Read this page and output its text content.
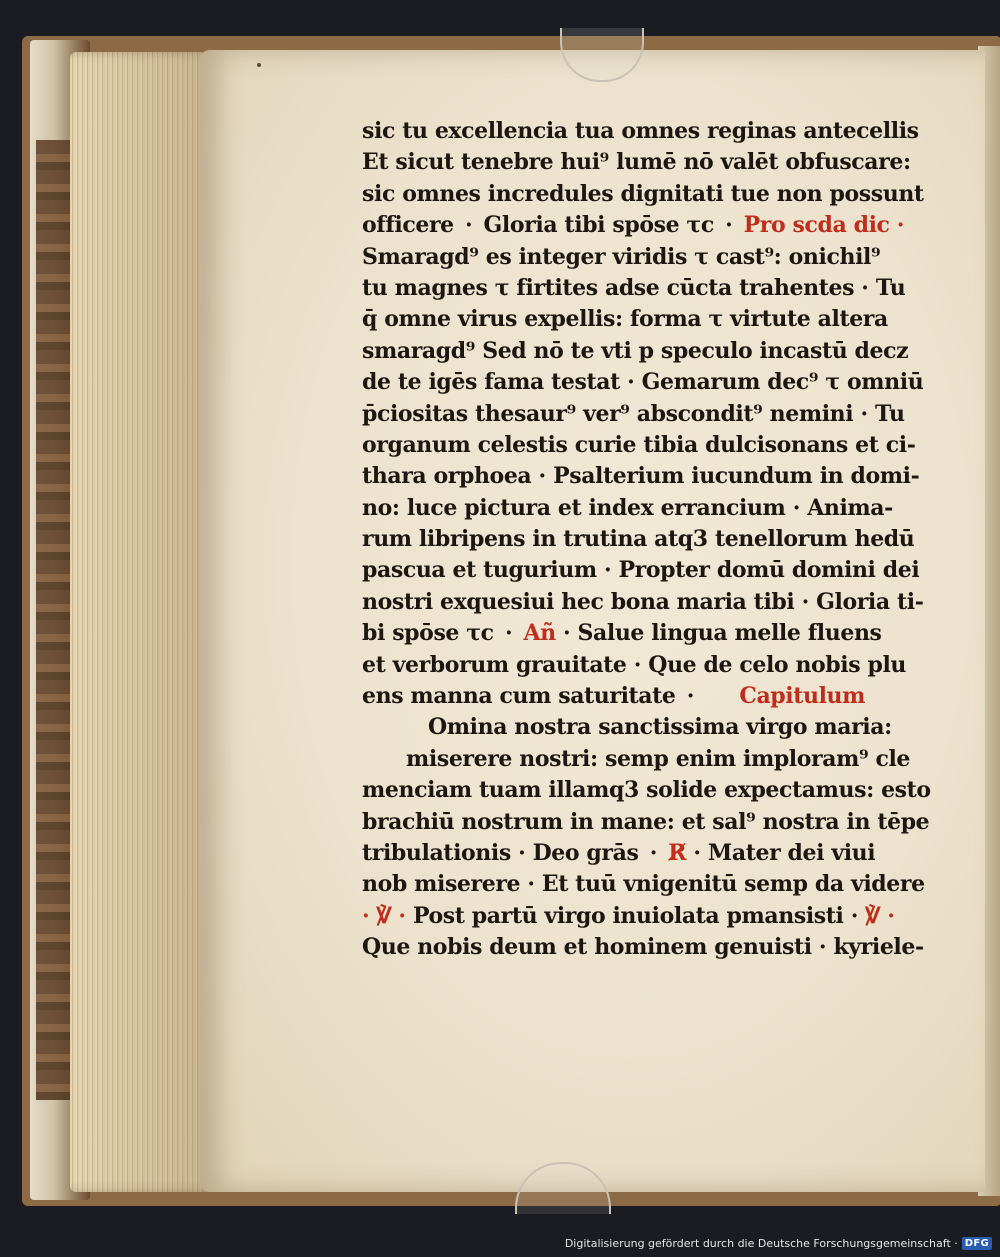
sic tu excellencia tua omnes reginas antecellis
Et sicut tenebre hui⁹ lumē nō valēt obfuscare:
sic omnes incredules dignitati tue non possunt
officere · Gloria tibi spōse τc · Pro scda dic ·
Smaragd⁹ es integer viridis τ cast⁹: onichil⁹
tu magnes τ firtites adse cūcta trahentes · Tu
q̄ omne virus expellis: forma τ virtute altera
smaragd⁹ Sed nō te vti p speculo incastū decz
de te igēs fama testat · Gemarum dec⁹ τ omniū
p̄ciositas thesaur⁹ ver⁹ abscondit⁹ nemini · Tu
organum celestis curie tibia dulcisonans et ci-
thara orphoea · Psalterium iucundum in domi-
no: luce pictura et index errancium · Anima-
rum libripens in trutina atq3 tenellorum hedū
pascua et tugurium · Propter domū domini dei
nostri exquesiui hec bona maria tibi · Gloria ti-
bi spōse τc · Añ · Salue lingua melle fluens
et verborum grauitate · Que de celo nobis plu
ens manna cum saturitate · Capitulum
Omina nostra sanctissima virgo maria:
miserere nostri: semp enim imploram⁹ cle
menciam tuam illamq3 solide expectamus: esto
brachiū nostrum in mane: et sal⁹ nostra in tēpe
tribulationis · Deo grās · R̸ · Mater dei viui
nob miserere · Et tuū vnigenitū semp da videre
· ℣ · Post partū virgo inuiolata pmansisti · ℣ ·
Que nobis deum et hominem genuisti · kyriele-
Digitalisierung gefördert durch die Deutsche Forschungsgemeinschaft · DFG
